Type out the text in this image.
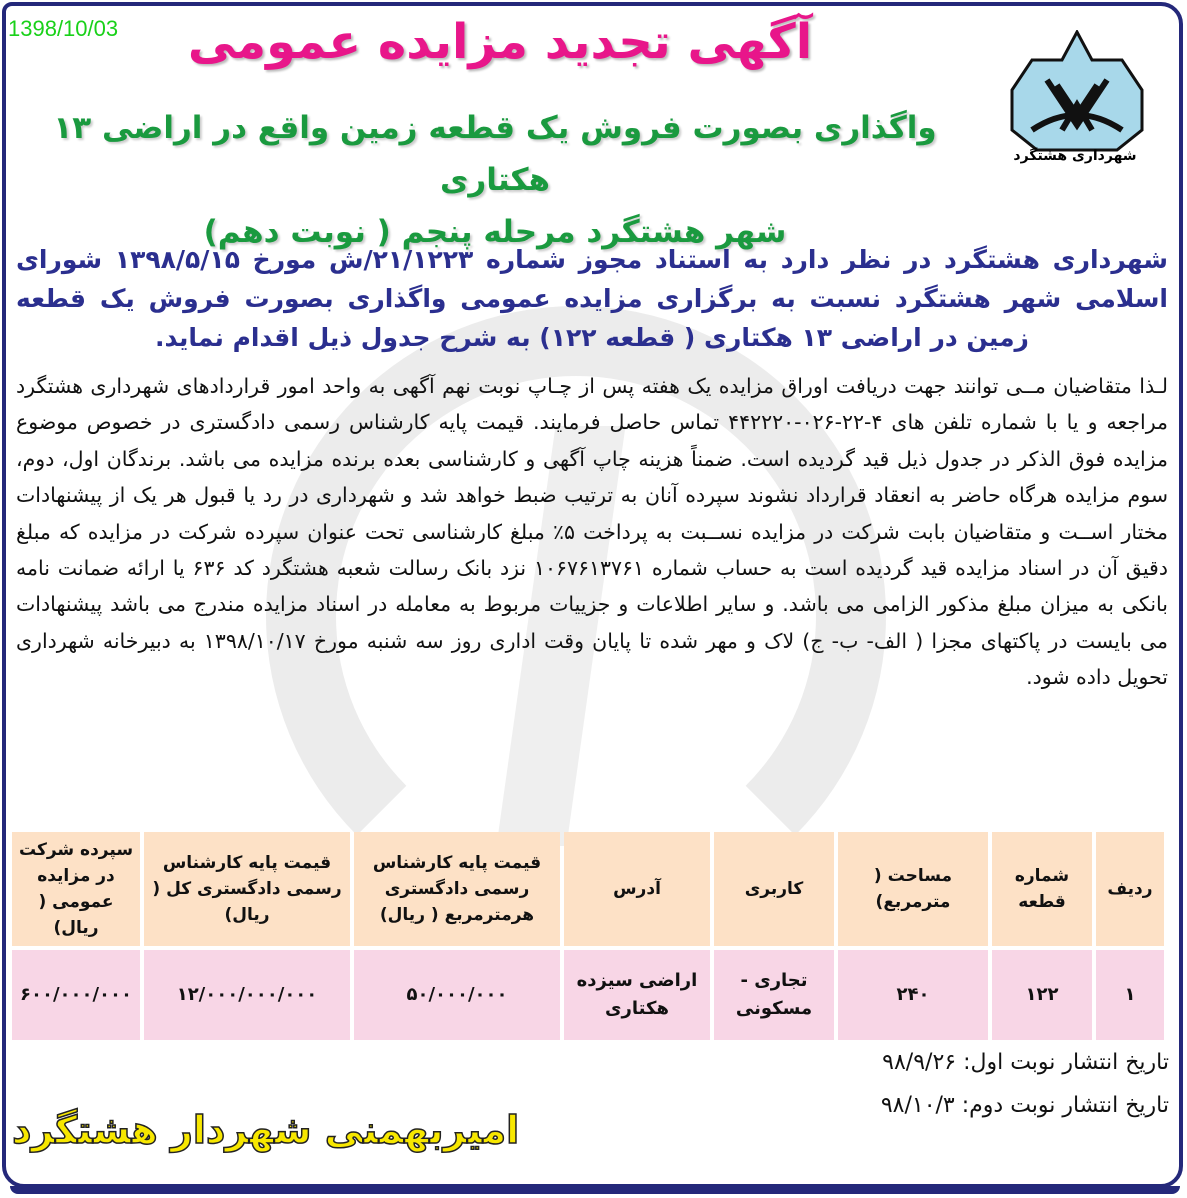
1398/10/03 آگهی تجدید مزایده عمومی
واگذاری بصورت فروش یک قطعه زمین واقع در اراضی ۱۳ هکتاری
شهر هشتگرد مرحله پنجم ( نوبت دهم)
شهرداری هشتگرد
شهرداری هشتگرد در نظر دارد به استناد مجوز شماره ۲۱/۱۲۲۳/ش مورخ ۱۳۹۸/۵/۱۵ شورای اسلامی شهر هشتگرد نسبت به برگزاری مزایده عمومی واگذاری بصورت فروش یک قطعه زمین در اراضی ۱۳ هکتاری ( قطعه ۱۲۲) به شرح جدول ذیل اقدام نماید.
لـذا متقاضیان مــی توانند جهت دریافت اوراق مزایده یک هفته پس از چـاپ نوبت نهم آگهی به واحد امور قراردادهای شهرداری هشتگرد مراجعه و یا با شماره تلفن های ۴-۲۲-۰۲۶-۴۴۲۲۲۰ تماس حاصل فرمایند. قیمت پایه کارشناس رسمی دادگستری در خصوص موضوع مزایده فوق الذکر در جدول ذیل قید گردیده است. ضمناً هزینه چاپ آگهی و کارشناسی بعده برنده مزایده می باشد. برندگان اول، دوم، سوم مزایده هرگاه حاضر به انعقاد قرارداد نشوند سپرده آنان به ترتیب ضبط خواهد شد و شهرداری در رد یا قبول هر یک از پیشنهادات مختار اســت و متقاضیان بابت شرکت در مزایده نســبت به پرداخت ۵٪ مبلغ کارشناسی تحت عنوان سپرده شرکت در مزایده که مبلغ دقیق آن در اسناد مزایده قید گردیده است به حساب شماره ۱۰۶۷۶۱۳۷۶۱ نزد بانک رسالت شعبه هشتگرد کد ۶۳۶ یا ارائه ضمانت نامه بانکی به میزان مبلغ مذکور الزامی می باشد. و سایر اطلاعات و جزییات مربوط به معامله در اسناد مزایده مندرج می باشد پیشنهادات می بایست در پاکتهای مجزا ( الف- ب- ج) لاک و مهر شده تا پایان وقت اداری روز سه شنبه مورخ ۱۳۹۸/۱۰/۱۷ به دبیرخانه شهرداری تحویل داده شود.
ردیف	شماره قطعه	مساحت ( مترمربع)	کاربری	آدرس	قیمت پایه کارشناس رسمی دادگستری هرمترمربع ( ریال)	قیمت پایه کارشناس رسمی دادگستری کل ( ریال)	سپرده شرکت در مزایده عمومی ( ریال)
۱	۱۲۲	۲۴۰	تجاری - مسکونی	اراضی سیزده هکتاری	۵۰/۰۰۰/۰۰۰	۱۲/۰۰۰/۰۰۰/۰۰۰	۶۰۰/۰۰۰/۰۰۰
تاریخ انتشار نوبت اول: ۹۸/۹/۲۶
تاریخ انتشار نوبت دوم: ۹۸/۱۰/۳
امیربهمنی شهردار هشتگرد
